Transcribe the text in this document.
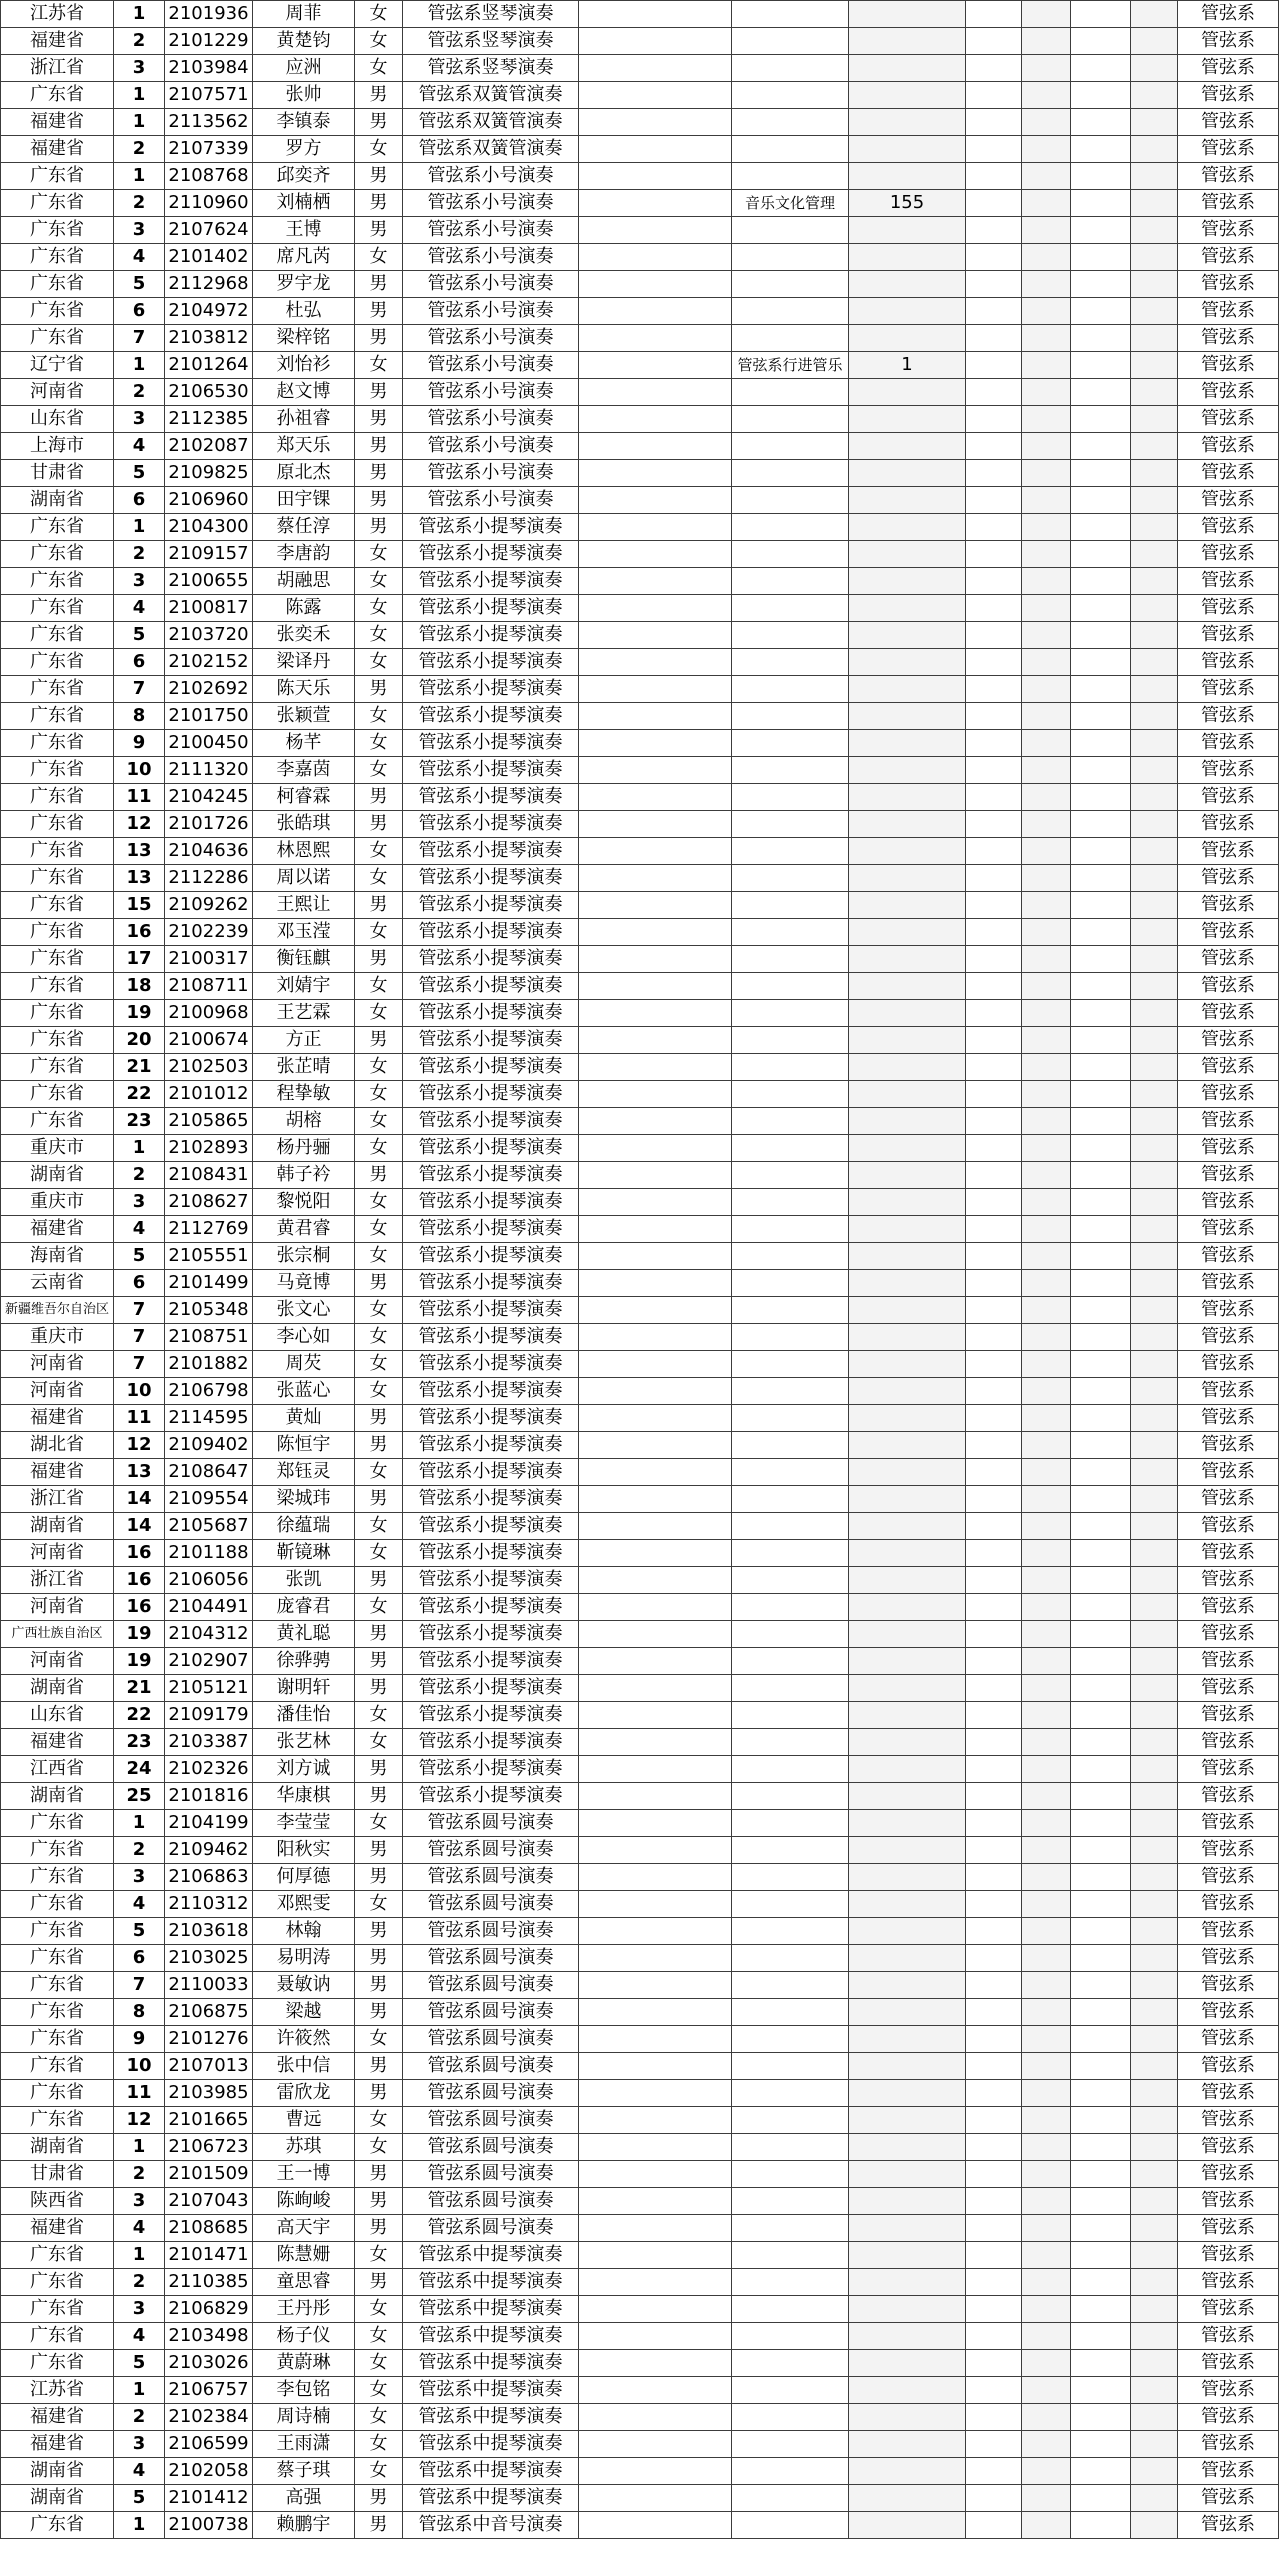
江苏省	1	2101936	周菲	女	管弦系竖琴演奏								管弦系
福建省	2	2101229	黄楚钧	女	管弦系竖琴演奏								管弦系
浙江省	3	2103984	应洲	女	管弦系竖琴演奏								管弦系
广东省	1	2107571	张帅	男	管弦系双簧管演奏								管弦系
福建省	1	2113562	李镇泰	男	管弦系双簧管演奏								管弦系
福建省	2	2107339	罗方	女	管弦系双簧管演奏								管弦系
广东省	1	2108768	邱奕齐	男	管弦系小号演奏								管弦系
广东省	2	2110960	刘楠栖	男	管弦系小号演奏		音乐文化管理	155					管弦系
广东省	3	2107624	王博	男	管弦系小号演奏								管弦系
广东省	4	2101402	席凡芮	女	管弦系小号演奏								管弦系
广东省	5	2112968	罗宇龙	男	管弦系小号演奏								管弦系
广东省	6	2104972	杜弘	男	管弦系小号演奏								管弦系
广东省	7	2103812	梁梓铭	男	管弦系小号演奏								管弦系
辽宁省	1	2101264	刘怡衫	女	管弦系小号演奏		管弦系行进管乐	1					管弦系
河南省	2	2106530	赵文博	男	管弦系小号演奏								管弦系
山东省	3	2112385	孙祖睿	男	管弦系小号演奏								管弦系
上海市	4	2102087	郑天乐	男	管弦系小号演奏								管弦系
甘肃省	5	2109825	原北杰	男	管弦系小号演奏								管弦系
湖南省	6	2106960	田宇锞	男	管弦系小号演奏								管弦系
广东省	1	2104300	蔡任淳	男	管弦系小提琴演奏								管弦系
广东省	2	2109157	李唐韵	女	管弦系小提琴演奏								管弦系
广东省	3	2100655	胡融思	女	管弦系小提琴演奏								管弦系
广东省	4	2100817	陈露	女	管弦系小提琴演奏								管弦系
广东省	5	2103720	张奕禾	女	管弦系小提琴演奏								管弦系
广东省	6	2102152	梁译丹	女	管弦系小提琴演奏								管弦系
广东省	7	2102692	陈天乐	男	管弦系小提琴演奏								管弦系
广东省	8	2101750	张颖萱	女	管弦系小提琴演奏								管弦系
广东省	9	2100450	杨芊	女	管弦系小提琴演奏								管弦系
广东省	10	2111320	李嘉茵	女	管弦系小提琴演奏								管弦系
广东省	11	2104245	柯睿霖	男	管弦系小提琴演奏								管弦系
广东省	12	2101726	张皓琪	男	管弦系小提琴演奏								管弦系
广东省	13	2104636	林恩熙	女	管弦系小提琴演奏								管弦系
广东省	13	2112286	周以诺	女	管弦系小提琴演奏								管弦系
广东省	15	2109262	王熙让	男	管弦系小提琴演奏								管弦系
广东省	16	2102239	邓玉滢	女	管弦系小提琴演奏								管弦系
广东省	17	2100317	衡钰麒	男	管弦系小提琴演奏								管弦系
广东省	18	2108711	刘婧宇	女	管弦系小提琴演奏								管弦系
广东省	19	2100968	王艺霖	女	管弦系小提琴演奏								管弦系
广东省	20	2100674	方正	男	管弦系小提琴演奏								管弦系
广东省	21	2102503	张芷晴	女	管弦系小提琴演奏								管弦系
广东省	22	2101012	程挚敏	女	管弦系小提琴演奏								管弦系
广东省	23	2105865	胡榕	女	管弦系小提琴演奏								管弦系
重庆市	1	2102893	杨丹骊	女	管弦系小提琴演奏								管弦系
湖南省	2	2108431	韩子衿	男	管弦系小提琴演奏								管弦系
重庆市	3	2108627	黎悦阳	女	管弦系小提琴演奏								管弦系
福建省	4	2112769	黄君睿	女	管弦系小提琴演奏								管弦系
海南省	5	2105551	张宗桐	女	管弦系小提琴演奏								管弦系
云南省	6	2101499	马竟博	男	管弦系小提琴演奏								管弦系
新疆维吾尔自治区	7	2105348	张文心	女	管弦系小提琴演奏								管弦系
重庆市	7	2108751	李心如	女	管弦系小提琴演奏								管弦系
河南省	7	2101882	周芡	女	管弦系小提琴演奏								管弦系
河南省	10	2106798	张蓝心	女	管弦系小提琴演奏								管弦系
福建省	11	2114595	黄灿	男	管弦系小提琴演奏								管弦系
湖北省	12	2109402	陈恒宇	男	管弦系小提琴演奏								管弦系
福建省	13	2108647	郑钰灵	女	管弦系小提琴演奏								管弦系
浙江省	14	2109554	梁城玮	男	管弦系小提琴演奏								管弦系
湖南省	14	2105687	徐蕴瑞	女	管弦系小提琴演奏								管弦系
河南省	16	2101188	靳镜琳	女	管弦系小提琴演奏								管弦系
浙江省	16	2106056	张凯	男	管弦系小提琴演奏								管弦系
河南省	16	2104491	庞睿君	女	管弦系小提琴演奏								管弦系
广西壮族自治区	19	2104312	黄礼聪	男	管弦系小提琴演奏								管弦系
河南省	19	2102907	徐骅骋	男	管弦系小提琴演奏								管弦系
湖南省	21	2105121	谢明轩	男	管弦系小提琴演奏								管弦系
山东省	22	2109179	潘佳怡	女	管弦系小提琴演奏								管弦系
福建省	23	2103387	张艺林	女	管弦系小提琴演奏								管弦系
江西省	24	2102326	刘方诚	男	管弦系小提琴演奏								管弦系
湖南省	25	2101816	华康棋	男	管弦系小提琴演奏								管弦系
广东省	1	2104199	李莹莹	女	管弦系圆号演奏								管弦系
广东省	2	2109462	阳秋实	男	管弦系圆号演奏								管弦系
广东省	3	2106863	何厚德	男	管弦系圆号演奏								管弦系
广东省	4	2110312	邓熙雯	女	管弦系圆号演奏								管弦系
广东省	5	2103618	林翰	男	管弦系圆号演奏								管弦系
广东省	6	2103025	易明涛	男	管弦系圆号演奏								管弦系
广东省	7	2110033	聂敏讷	男	管弦系圆号演奏								管弦系
广东省	8	2106875	梁越	男	管弦系圆号演奏								管弦系
广东省	9	2101276	许筱然	女	管弦系圆号演奏								管弦系
广东省	10	2107013	张中信	男	管弦系圆号演奏								管弦系
广东省	11	2103985	雷欣龙	男	管弦系圆号演奏								管弦系
广东省	12	2101665	曹远	女	管弦系圆号演奏								管弦系
湖南省	1	2106723	苏琪	女	管弦系圆号演奏								管弦系
甘肃省	2	2101509	王一博	男	管弦系圆号演奏								管弦系
陕西省	3	2107043	陈峋峻	男	管弦系圆号演奏								管弦系
福建省	4	2108685	高天宇	男	管弦系圆号演奏								管弦系
广东省	1	2101471	陈慧姗	女	管弦系中提琴演奏								管弦系
广东省	2	2110385	童思睿	男	管弦系中提琴演奏								管弦系
广东省	3	2106829	王丹彤	女	管弦系中提琴演奏								管弦系
广东省	4	2103498	杨子仪	女	管弦系中提琴演奏								管弦系
广东省	5	2103026	黄蔚琳	女	管弦系中提琴演奏								管弦系
江苏省	1	2106757	李包铭	女	管弦系中提琴演奏								管弦系
福建省	2	2102384	周诗楠	女	管弦系中提琴演奏								管弦系
福建省	3	2106599	王雨潇	女	管弦系中提琴演奏								管弦系
湖南省	4	2102058	蔡子琪	女	管弦系中提琴演奏								管弦系
湖南省	5	2101412	高强	男	管弦系中提琴演奏								管弦系
广东省	1	2100738	赖鹏宇	男	管弦系中音号演奏								管弦系
